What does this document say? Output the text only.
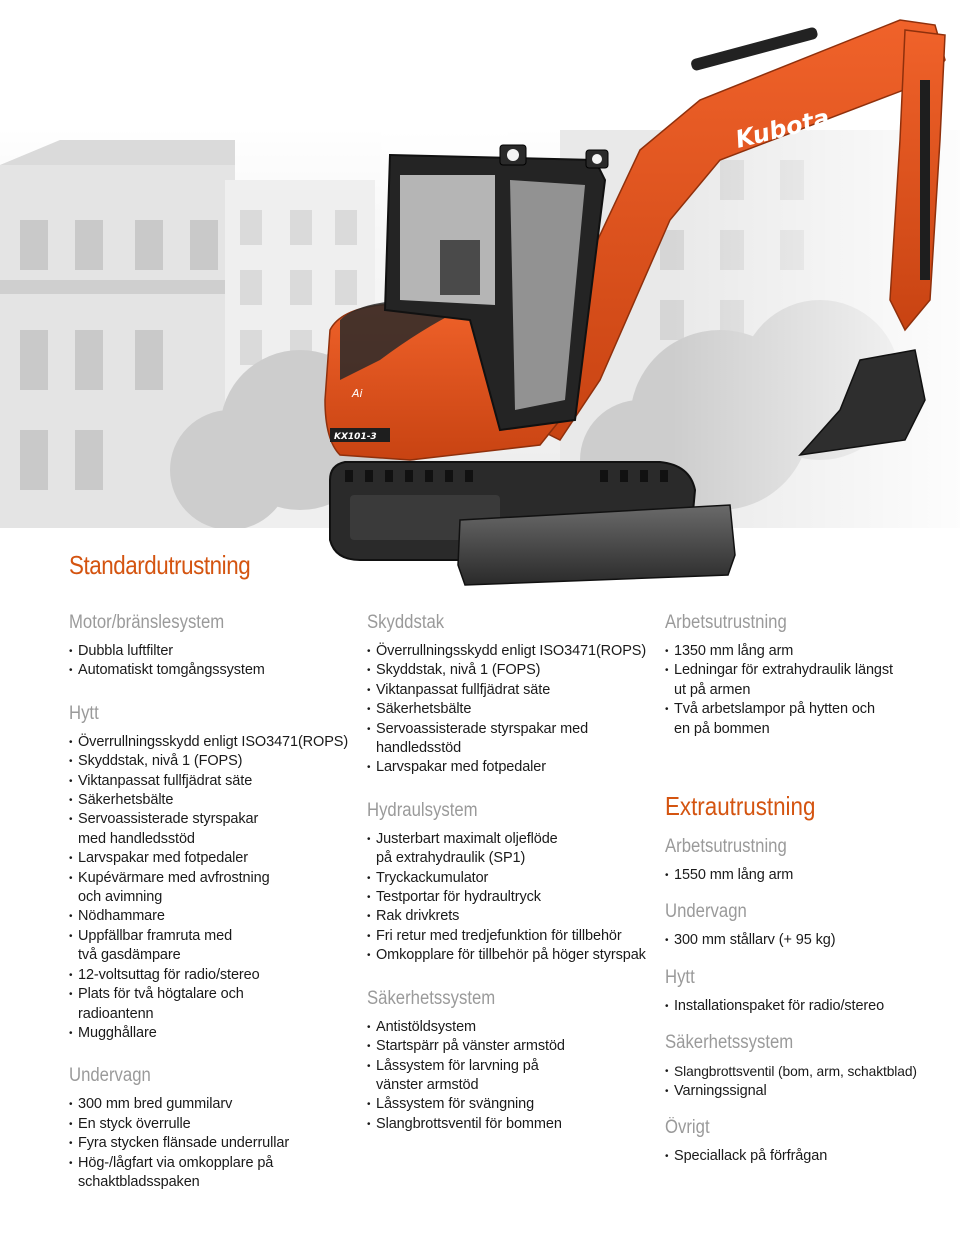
Kubota
Ai
KX101-3
Standardutrustning
Motor/bränslesystem
• Dubbla luftfilter
• Automatiskt tomgångssystem
Hytt
• Överrullningsskydd enligt ISO3471(ROPS)
• Skyddstak, nivå 1 (FOPS)
• Viktanpassat fullfjädrat säte
• Säkerhetsbälte
• Servoassisterade styrspakar
med handledsstöd
• Larvspakar med fotpedaler
• Kupévärmare med avfrostning
och avimning
• Nödhammare
• Uppfällbar framruta med
två gasdämpare
• 12-voltsuttag för radio/stereo
• Plats för två högtalare och
radioantenn
• Mugghållare
Undervagn
• 300 mm bred gummilarv
• En styck överrulle
• Fyra stycken flänsade underrullar
• Hög-/lågfart via omkopplare på
schaktbladsspaken
Skyddstak
• Överrullningsskydd enligt ISO3471(ROPS)
• Skyddstak, nivå 1 (FOPS)
• Viktanpassat fullfjädrat säte
• Säkerhetsbälte
• Servoassisterade styrspakar med
handledsstöd
• Larvspakar med fotpedaler
Hydraulsystem
• Justerbart maximalt oljeflöde
på extrahydraulik (SP1)
• Tryckackumulator
• Testportar för hydraultryck
• Rak drivkrets
• Fri retur med tredjefunktion för tillbehör
• Omkopplare för tillbehör på höger styrspak
Säkerhetssystem
• Antistöldsystem
• Startspärr på vänster armstöd
• Låssystem för larvning på
vänster armstöd
• Låssystem för svängning
• Slangbrottsventil för bommen
Arbetsutrustning
• 1350 mm lång arm
• Ledningar för extrahydraulik längst
ut på armen
• Två arbetslampor på hytten och
en på bommen
Extrautrustning
Arbetsutrustning
• 1550 mm lång arm
Undervagn
• 300 mm stållarv (+ 95 kg)
Hytt
• Installationspaket för radio/stereo
Säkerhetssystem
• Slangbrottsventil (bom, arm, schaktblad)
• Varningssignal
Övrigt
• Speciallack på förfrågan
